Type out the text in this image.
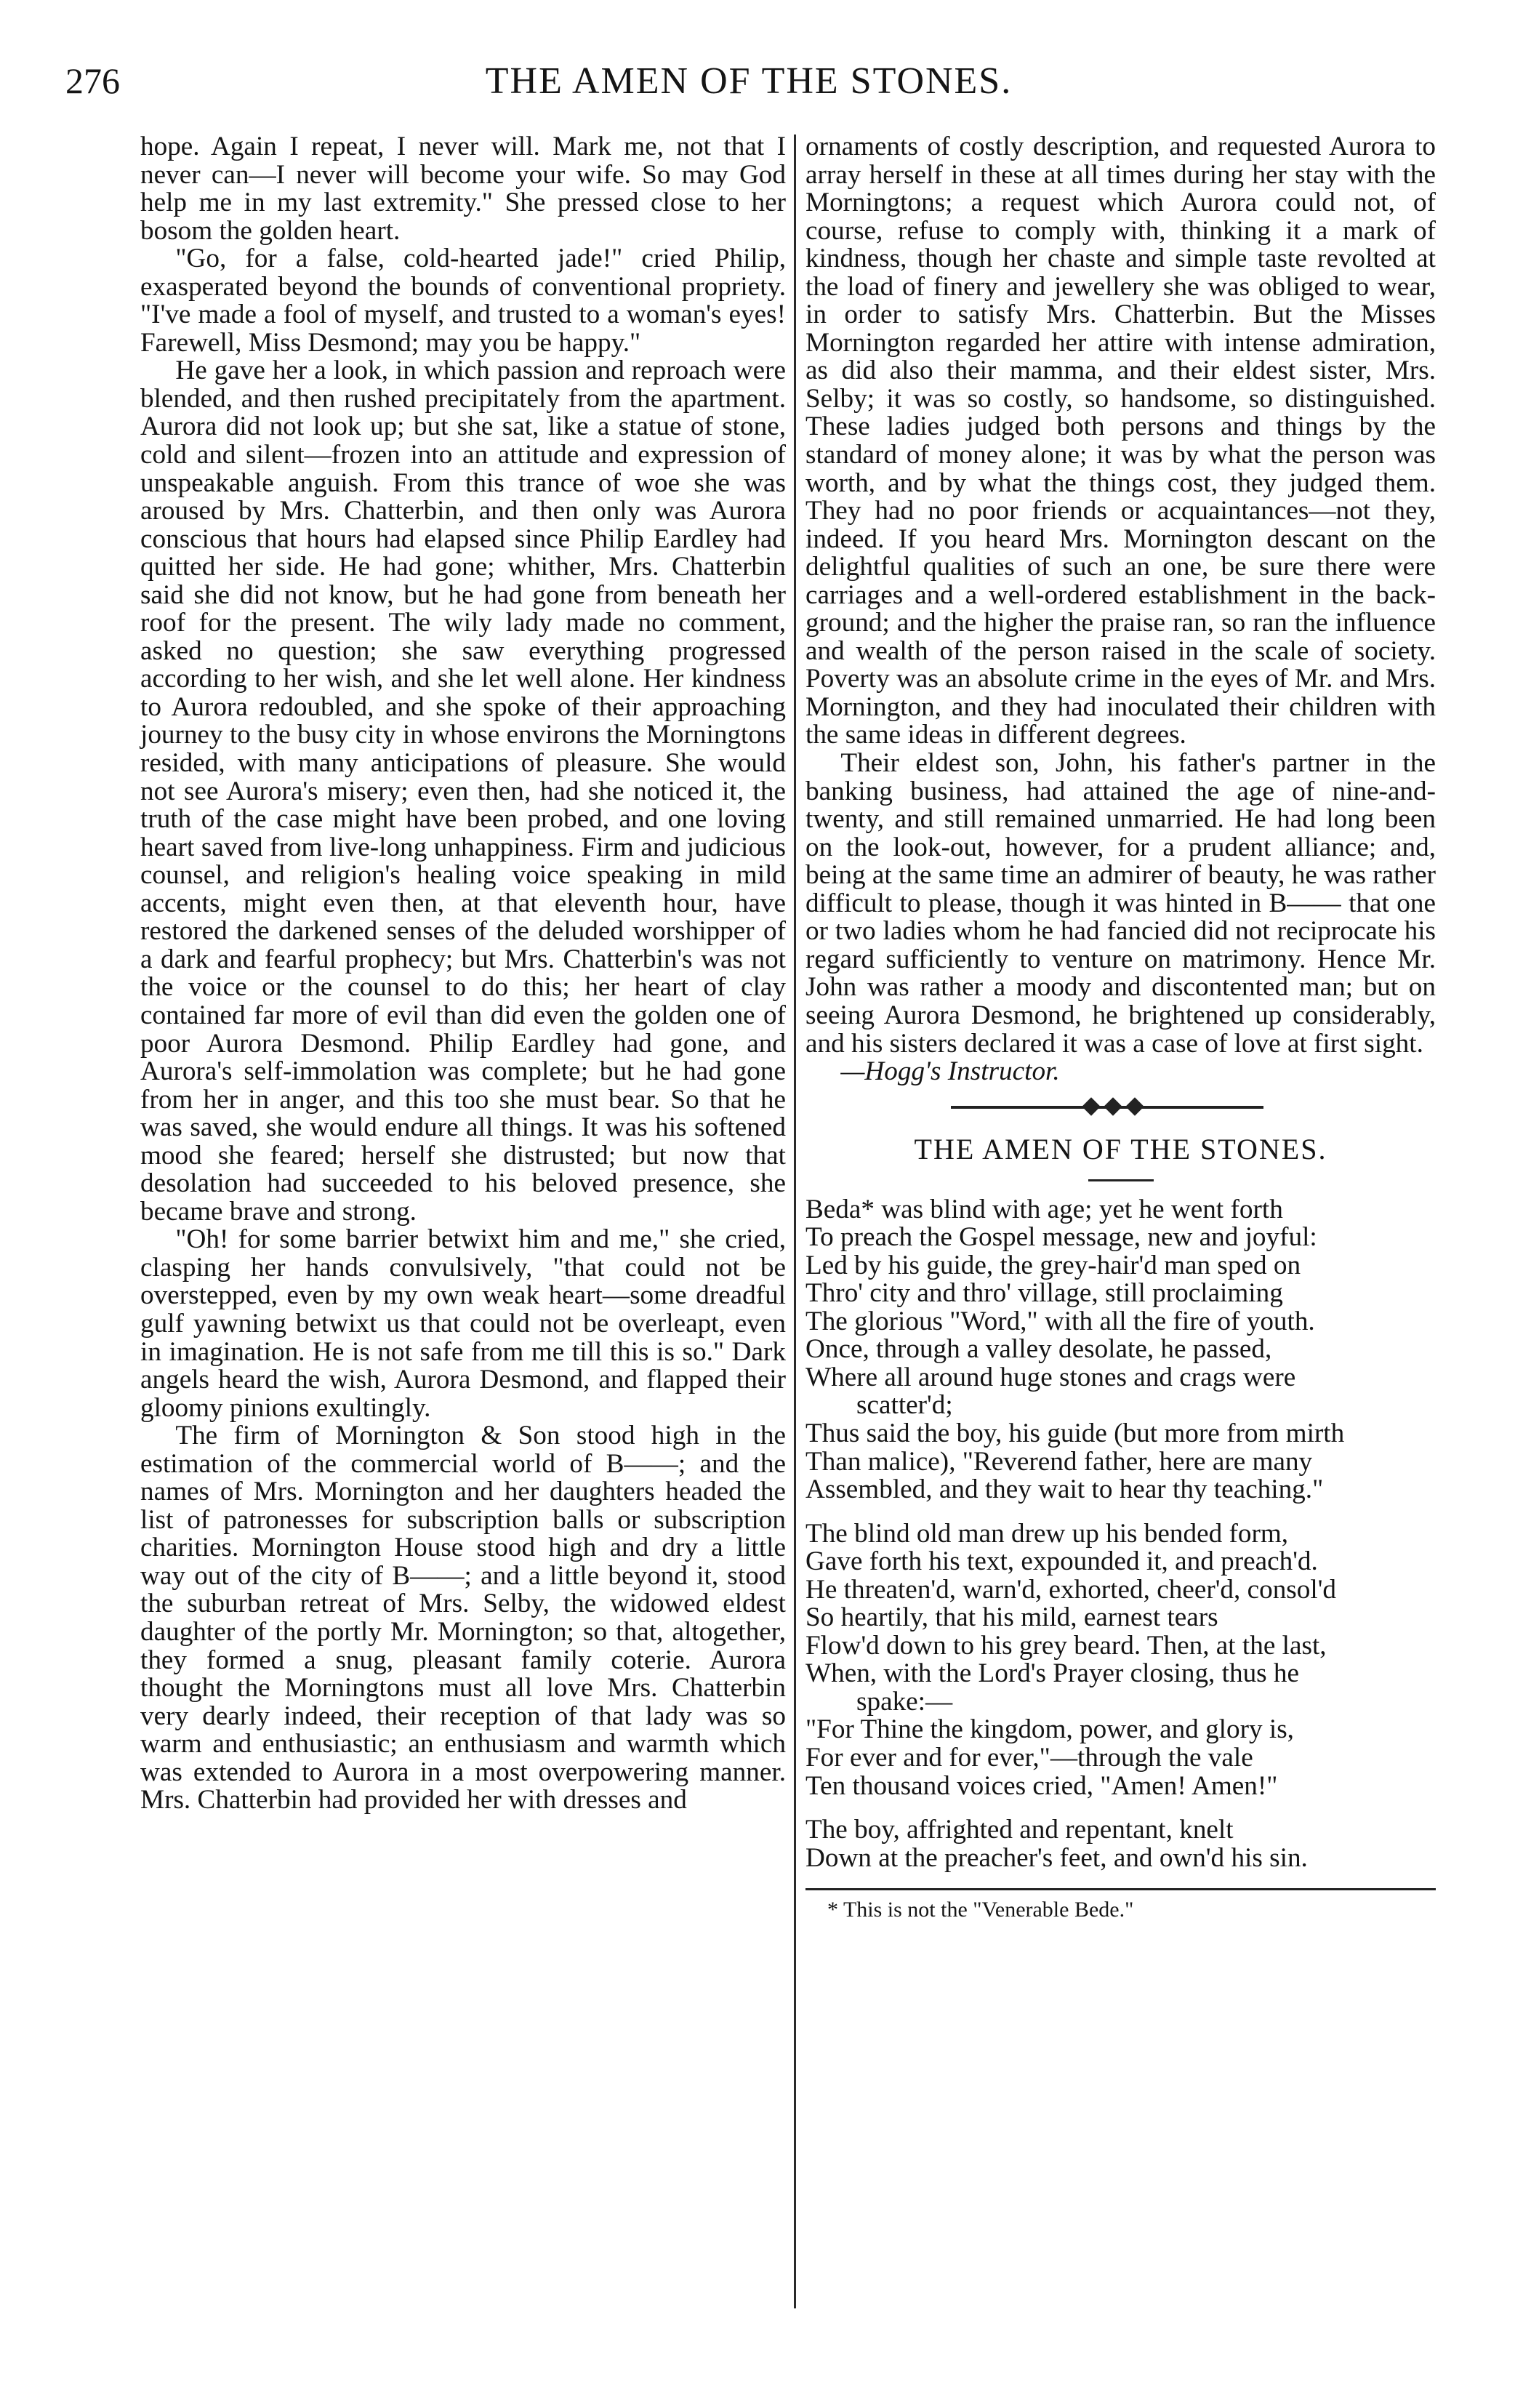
276	THE AMEN OF THE STONES.

hope. Again I repeat, I never will. Mark me, not that I never can—I never will become your wife. So may God help me in my last extremity." She pressed close to her bosom the golden heart.

"Go, for a false, cold-hearted jade!" cried Philip, exasperated beyond the bounds of conventional propriety. "I've made a fool of myself, and trusted to a woman's eyes! Farewell, Miss Desmond; may you be happy."

He gave her a look, in which passion and reproach were blended, and then rushed precipitately from the apartment. Aurora did not look up; but she sat, like a statue of stone, cold and silent—frozen into an attitude and expression of unspeakable anguish. From this trance of woe she was aroused by Mrs. Chatterbin, and then only was Aurora conscious that hours had elapsed since Philip Eardley had quitted her side. He had gone; whither, Mrs. Chatterbin said she did not know, but he had gone from beneath her roof for the present. The wily lady made no comment, asked no question; she saw everything progressed according to her wish, and she let well alone. Her kindness to Aurora redoubled, and she spoke of their approaching journey to the busy city in whose environs the Morningtons resided, with many anticipations of pleasure. She would not see Aurora's misery; even then, had she noticed it, the truth of the case might have been probed, and one loving heart saved from live-long unhappiness. Firm and judicious counsel, and religion's healing voice speaking in mild accents, might even then, at that eleventh hour, have restored the darkened senses of the deluded worshipper of a dark and fearful prophecy; but Mrs. Chatterbin's was not the voice or the counsel to do this; her heart of clay contained far more of evil than did even the golden one of poor Aurora Desmond. Philip Eardley had gone, and Aurora's self-immolation was complete; but he had gone from her in anger, and this too she must bear. So that he was saved, she would endure all things. It was his softened mood she feared; herself she distrusted; but now that desolation had succeeded to his beloved presence, she became brave and strong.

"Oh! for some barrier betwixt him and me," she cried, clasping her hands convulsively, "that could not be overstepped, even by my own weak heart—some dreadful gulf yawning betwixt us that could not be overleapt, even in imagination. He is not safe from me till this is so." Dark angels heard the wish, Aurora Desmond, and flapped their gloomy pinions exultingly.

The firm of Mornington & Son stood high in the estimation of the commercial world of B——; and the names of Mrs. Mornington and her daughters headed the list of patronesses for subscription balls or subscription charities. Mornington House stood high and dry a little way out of the city of B——; and a little beyond it, stood the suburban retreat of Mrs. Selby, the widowed eldest daughter of the portly Mr. Mornington; so that, altogether, they formed a snug, pleasant family coterie. Aurora thought the Morningtons must all love Mrs. Chatterbin very dearly indeed, their reception of that lady was so warm and enthusiastic; an enthusiasm and warmth which was extended to Aurora in a most overpowering manner. Mrs. Chatterbin had provided her with dresses and

ornaments of costly description, and requested Aurora to array herself in these at all times during her stay with the Morningtons; a request which Aurora could not, of course, refuse to comply with, thinking it a mark of kindness, though her chaste and simple taste revolted at the load of finery and jewellery she was obliged to wear, in order to satisfy Mrs. Chatterbin. But the Misses Mornington regarded her attire with intense admiration, as did also their mamma, and their eldest sister, Mrs. Selby; it was so costly, so handsome, so distinguished. These ladies judged both persons and things by the standard of money alone; it was by what the person was worth, and by what the things cost, they judged them. They had no poor friends or acquaintances—not they, indeed. If you heard Mrs. Mornington descant on the delightful qualities of such an one, be sure there were carriages and a well-ordered establishment in the back-ground; and the higher the praise ran, so ran the influence and wealth of the person raised in the scale of society. Poverty was an absolute crime in the eyes of Mr. and Mrs. Mornington, and they had inoculated their children with the same ideas in different degrees.

Their eldest son, John, his father's partner in the banking business, had attained the age of nine-and-twenty, and still remained unmarried. He had long been on the look-out, however, for a prudent alliance; and, being at the same time an admirer of beauty, he was rather difficult to please, though it was hinted in B—— that one or two ladies whom he had fancied did not reciprocate his regard sufficiently to venture on matrimony. Hence Mr. John was rather a moody and discontented man; but on seeing Aurora Desmond, he brightened up considerably, and his sisters declared it was a case of love at first sight.

—Hogg's Instructor.

THE AMEN OF THE STONES.
Beda* was blind with age; yet he went forth
To preach the Gospel message, new and joyful:
Led by his guide, the grey-hair'd man sped on
Thro' city and thro' village, still proclaiming
The glorious "Word," with all the fire of youth.
Once, through a valley desolate, he passed,
Where all around huge stones and crags were
scatter'd;
Thus said the boy, his guide (but more from mirth
Than malice), "Reverend father, here are many
Assembled, and they wait to hear thy teaching."
The blind old man drew up his bended form,
Gave forth his text, expounded it, and preach'd.
He threaten'd, warn'd, exhorted, cheer'd, consol'd
So heartily, that his mild, earnest tears
Flow'd down to his grey beard. Then, at the last,
When, with the Lord's Prayer closing, thus he
spake:—
"For Thine the kingdom, power, and glory is,
For ever and for ever,"—through the vale
Ten thousand voices cried, "Amen! Amen!"
The boy, affrighted and repentant, knelt
Down at the preacher's feet, and own'd his sin.
* This is not the "Venerable Bede."
